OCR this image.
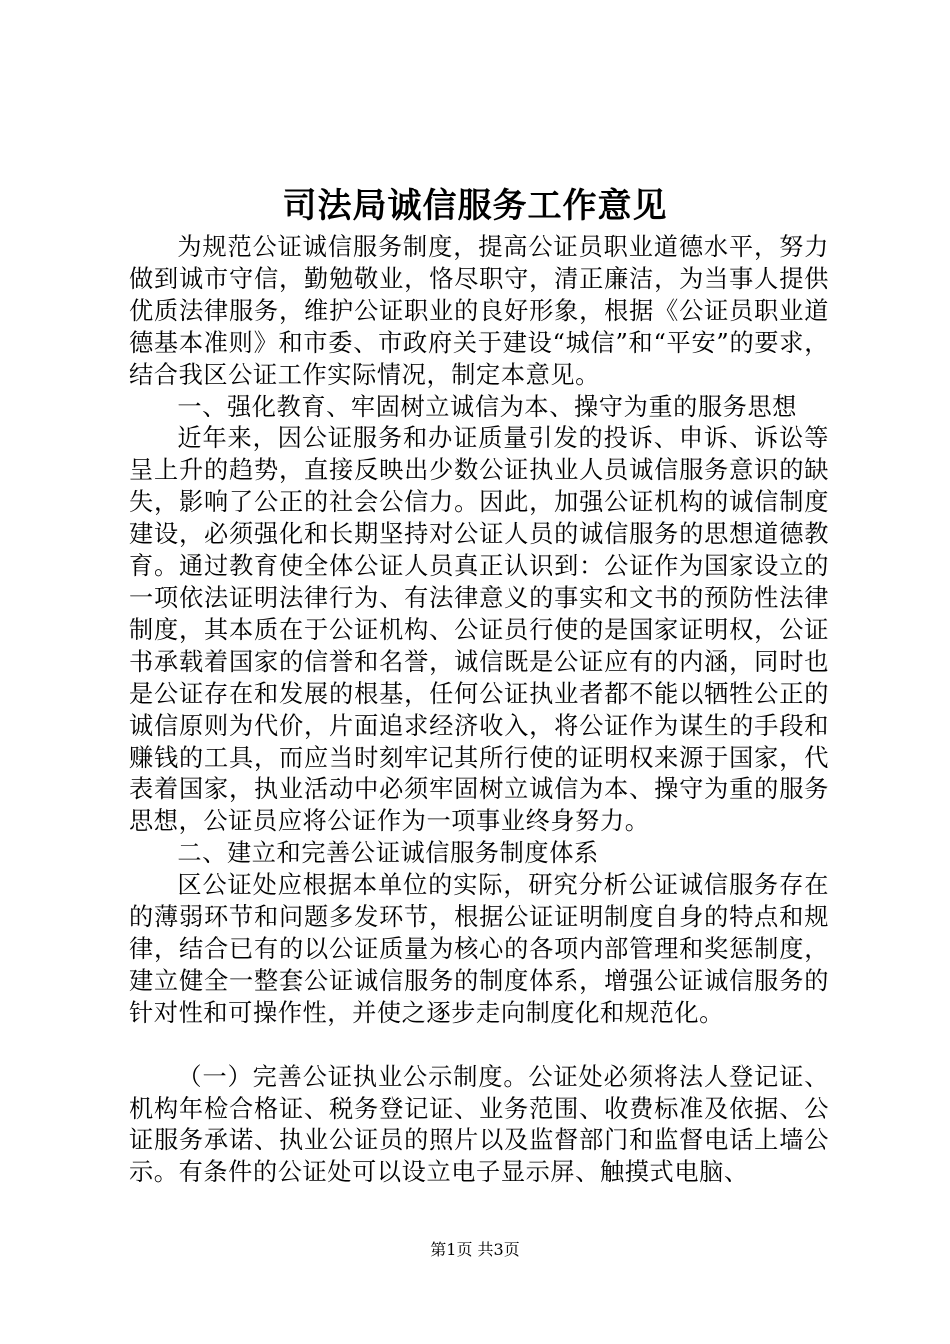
司法局诚信服务工作意见

为规范公证诚信服务制度，提高公证员职业道德水平，努力做到诚市守信，勤勉敬业，恪尽职守，清正廉洁，为当事人提供优质法律服务，维护公证职业的良好形象，根据《公证员职业道德基本准则》和市委、市政府关于建设“城信”和“平安”的要求，结合我区公证工作实际情况，制定本意见。

一、强化教育、牢固树立诚信为本、操守为重的服务思想

近年来，因公证服务和办证质量引发的投诉、申诉、诉讼等呈上升的趋势，直接反映出少数公证执业人员诚信服务意识的缺失，影响了公正的社会公信力。因此，加强公证机构的诚信制度建设，必须强化和长期坚持对公证人员的诚信服务的思想道德教育。通过教育使全体公证人员真正认识到：公证作为国家设立的一项依法证明法律行为、有法律意义的事实和文书的预防性法律制度，其本质在于公证机构、公证员行使的是国家证明权，公证书承载着国家的信誉和名誉，诚信既是公证应有的内涵，同时也是公证存在和发展的根基，任何公证执业者都不能以牺牲公正的诚信原则为代价，片面追求经济收入，将公证作为谋生的手段和赚钱的工具，而应当时刻牢记其所行使的证明权来源于国家，代表着国家，执业活动中必须牢固树立诚信为本、操守为重的服务思想，公证员应将公证作为一项事业终身努力。

二、建立和完善公证诚信服务制度体系

区公证处应根据本单位的实际，研究分析公证诚信服务存在的薄弱环节和问题多发环节，根据公证证明制度自身的特点和规律，结合已有的以公证质量为核心的各项内部管理和奖惩制度，建立健全一整套公证诚信服务的制度体系，增强公证诚信服务的针对性和可操作性，并使之逐步走向制度化和规范化。

（一）完善公证执业公示制度。公证处必须将法人登记证、机构年检合格证、税务登记证、业务范围、收费标准及依据、公证服务承诺、执业公证员的照片以及监督部门和监督电话上墙公示。有条件的公证处可以设立电子显示屏、触摸式电脑、

第1页 共3页
